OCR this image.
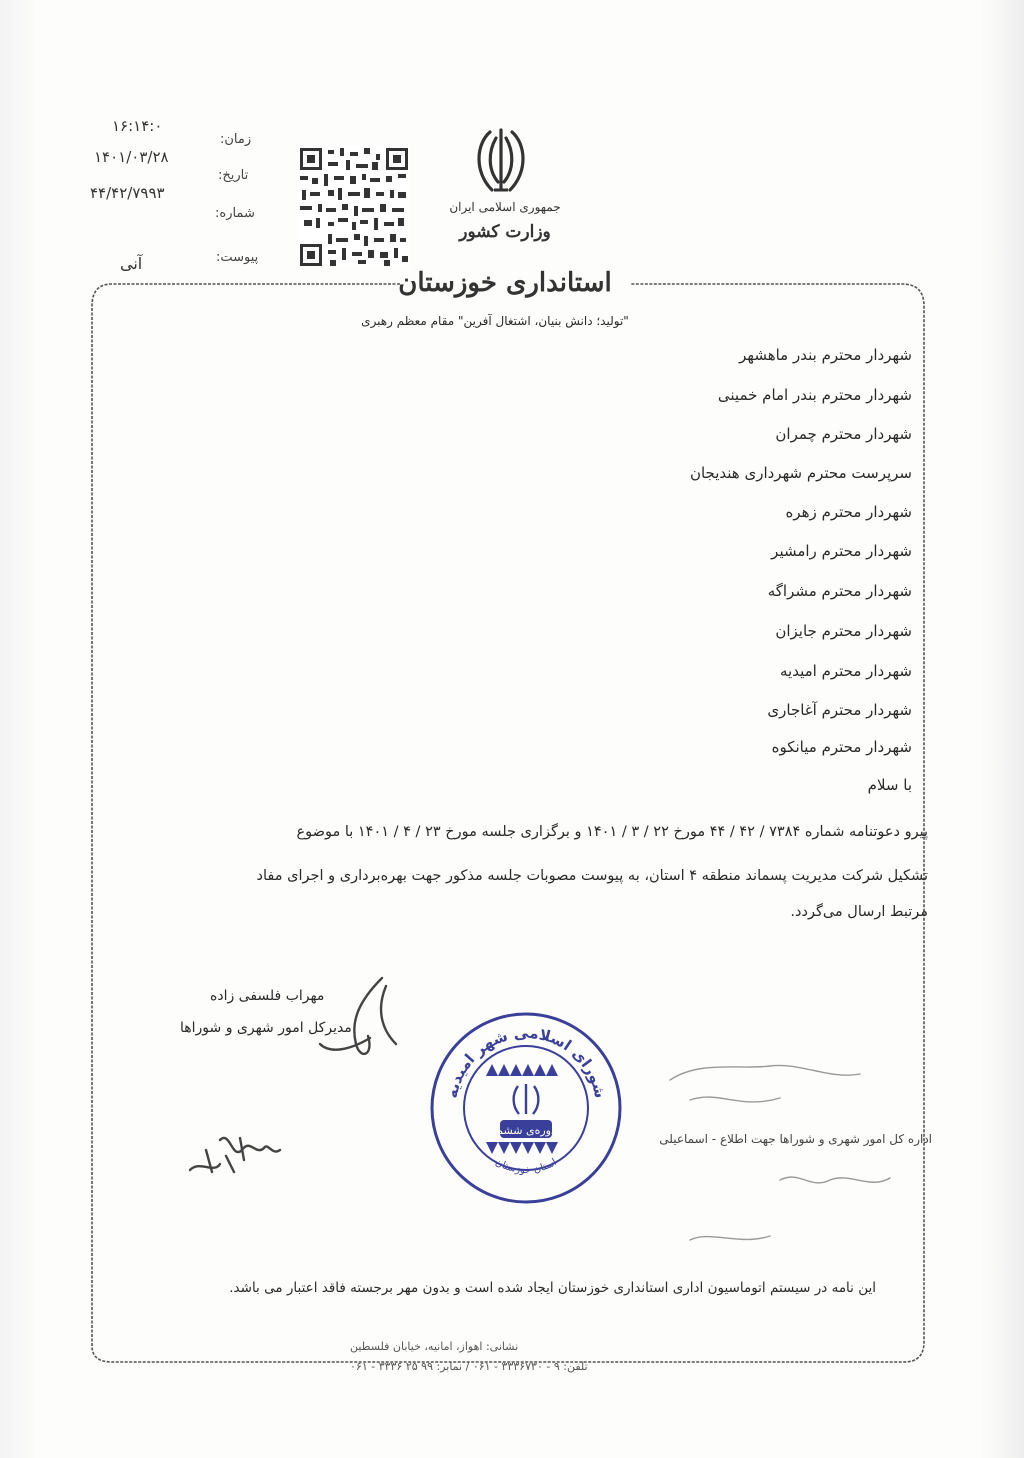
۱۶:۱۴:۰
زمان:
۱۴۰۱/۰۳/۲۸
تاریخ:
۴۴/۴۲/۷۹۹۳
شماره:
پیوست:
آنی
جمهوری اسلامی ایران
وزارت کشور
استانداری خوزستان
"تولید؛ دانش بنیان، اشتغال آفرین" مقام معظم رهبری
شهردار محترم بندر ماهشهر
شهردار محترم بندر امام خمینی
شهردار محترم چمران
سرپرست محترم شهرداری هندیجان
شهردار محترم زهره
شهردار محترم رامشیر
شهردار محترم مشراگه
شهردار محترم جایزان
شهردار محترم امیدیه
شهردار محترم آغاجاری
شهردار محترم میانکوه
با سلام
پیرو دعوتنامه شماره ۷۳۸۴ / ۴۲ / ۴۴ مورخ ۲۲ / ۳ / ۱۴۰۱ و برگزاری جلسه مورخ ۲۳ / ۴ / ۱۴۰۱ با موضوع
تشکیل شرکت مدیریت پسماند منطقه ۴ استان، به پیوست مصوبات جلسه مذکور جهت بهره‌برداری و اجرای مفاد
مرتبط ارسال می‌گردد.
مهراب فلسفی زاده
مدیرکل امور شهری و شوراها
شورای اسلامی شهر امیدیه
استان خوزستان
دوره‌ی ششم
اداره کل امور شهری و شوراها جهت اطلاع - اسماعیلی
این نامه در سیستم اتوماسیون اداری استانداری خوزستان ایجاد شده است و بدون مهر برجسته فاقد اعتبار می باشد.
نشانی: اهواز، امانیه، خیابان فلسطین
تلفن: ۹ - ۳۳۳۶۷۳۰ - ۰۶۱ / نمابر: ۹۹ ۲۵ ۳۳۳۶ - ۰۶۱
